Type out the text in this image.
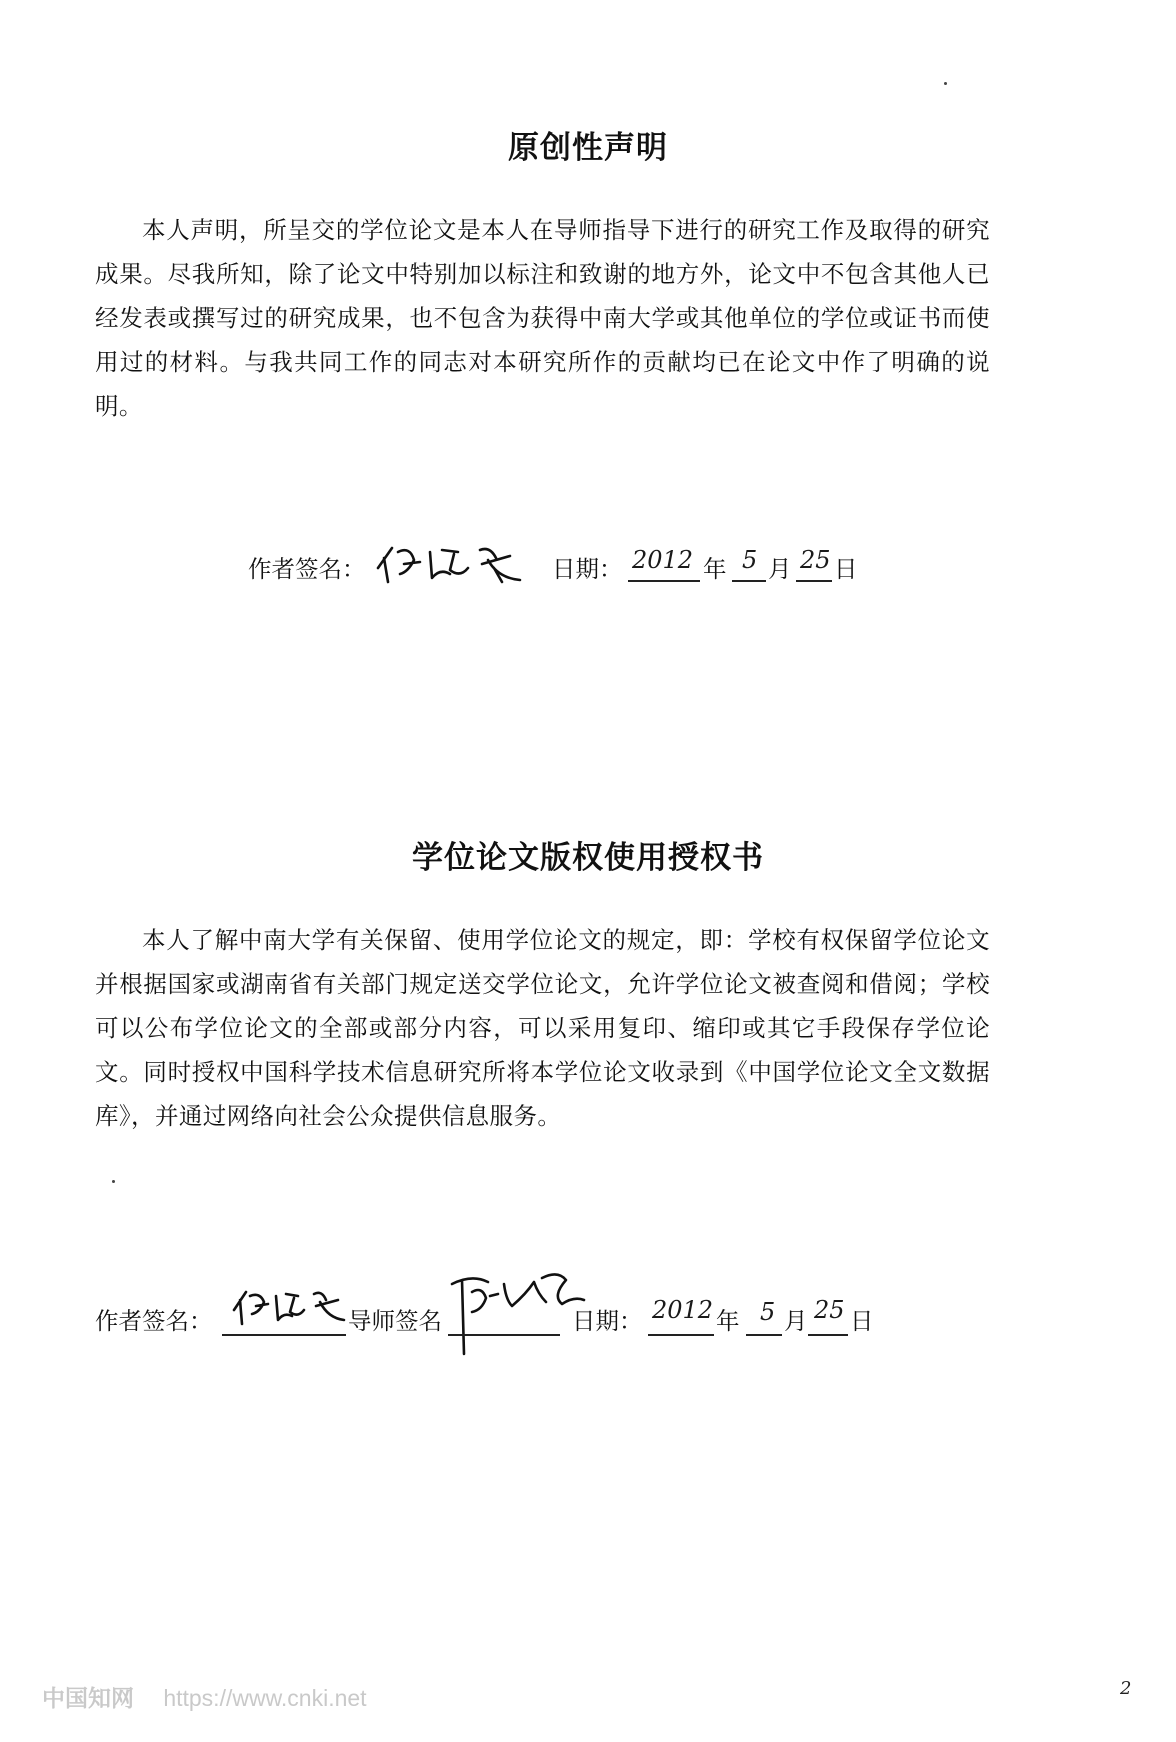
原创性声明
本人声明，所呈交的学位论文是本人在导师指导下进行的研究工作及取得的研究成果。尽我所知，除了论文中特别加以标注和致谢的地方外，论文中不包含其他人已经发表或撰写过的研究成果，也不包含为获得中南大学或其他单位的学位或证书而使用过的材料。与我共同工作的同志对本研究所作的贡献均已在论文中作了明确的说明。
作者签名：	日期： 2012 年 5 月 25 日
学位论文版权使用授权书
本人了解中南大学有关保留、使用学位论文的规定，即：学校有权保留学位论文并根据国家或湖南省有关部门规定送交学位论文，允许学位论文被查阅和借阅；学校可以公布学位论文的全部或部分内容，可以采用复印、缩印或其它手段保存学位论文。同时授权中国科学技术信息研究所将本学位论文收录到《中国学位论文全文数据库》，并通过网络向社会公众提供信息服务。
作者签名：	导师签名	日期： 2012 年 5 月 25 日
2
中国知网 https://www.cnki.net
